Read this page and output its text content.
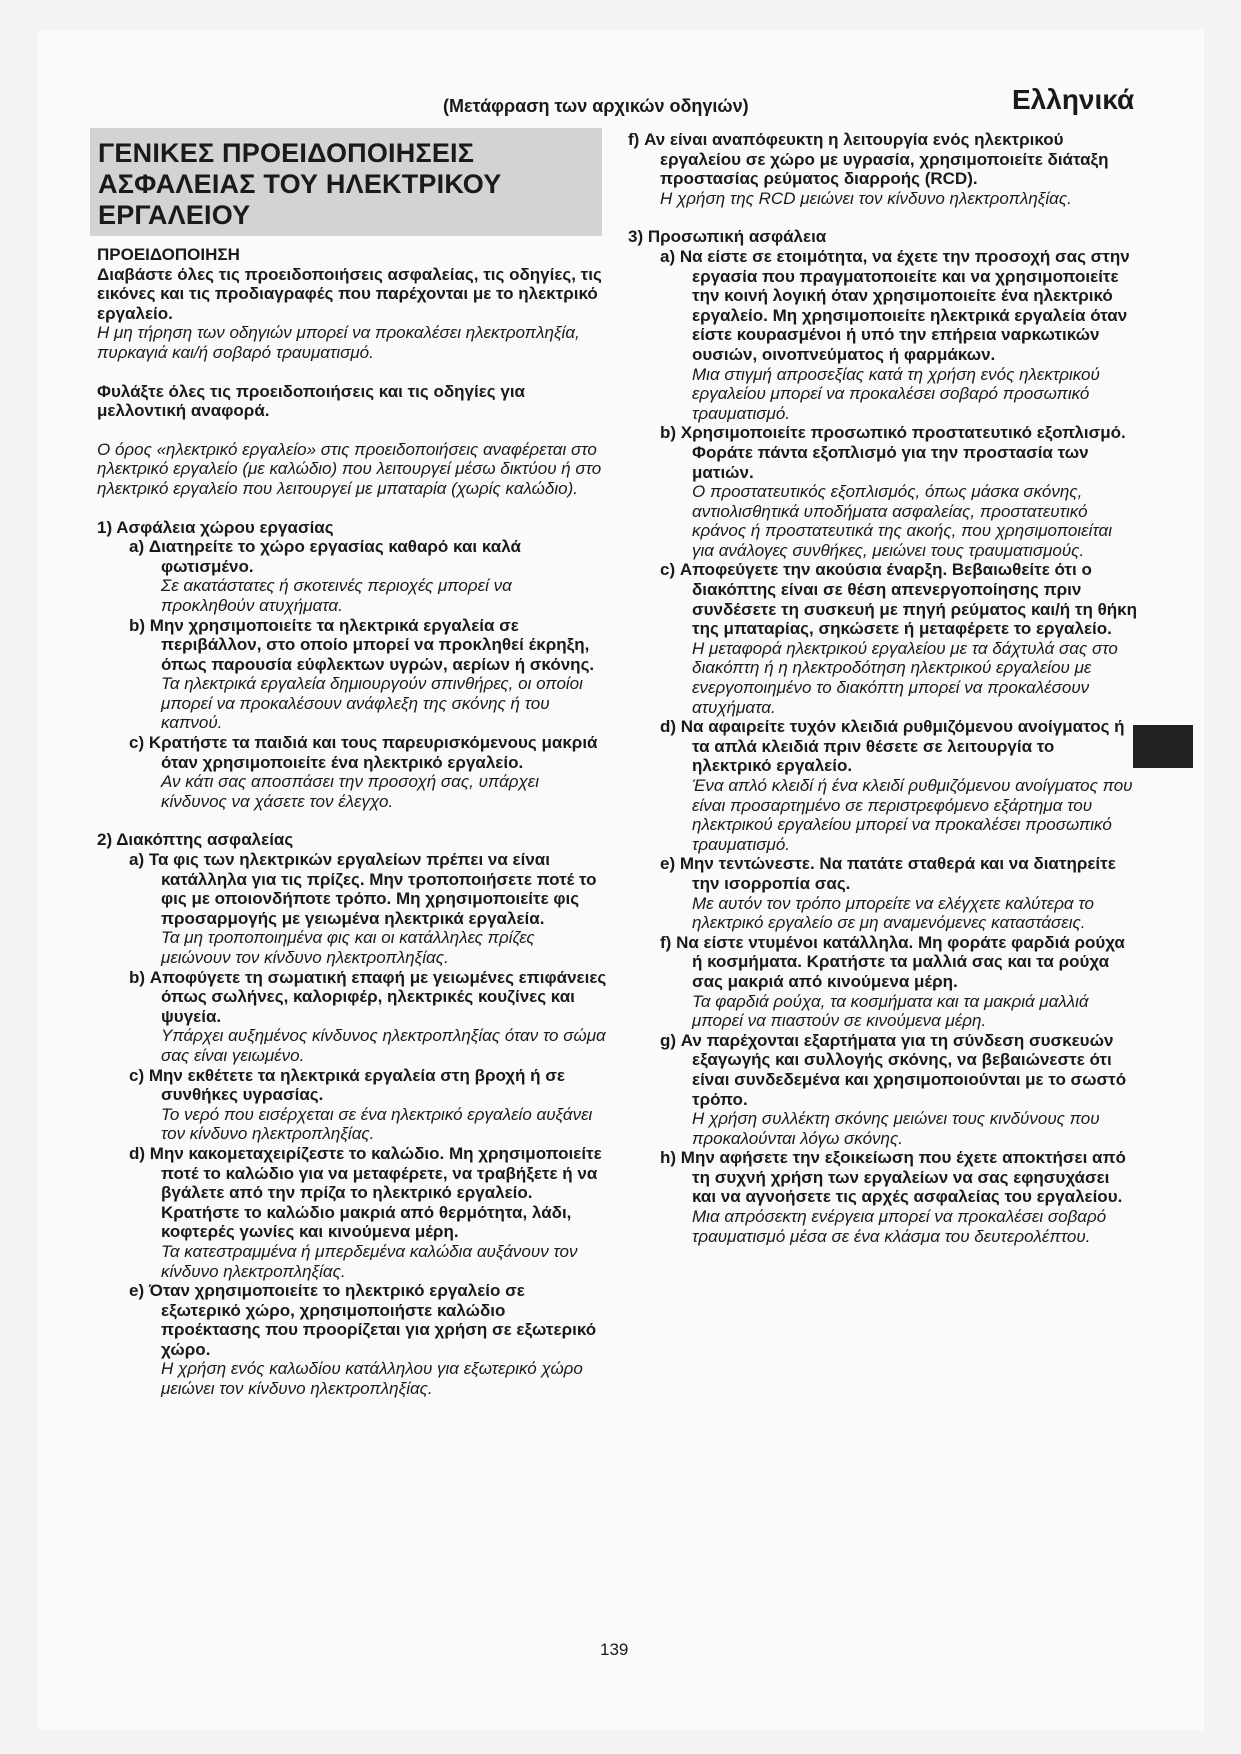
(Μετάφραση των αρχικών οδηγιών)	Ελληνικά
ΓΕΝΙΚΕΣ ΠΡΟΕΙΔΟΠΟΙΗΣΕΙΣ
ΑΣΦΑΛΕΙΑΣ ΤΟΥ ΗΛΕΚΤΡΙΚΟΥ
ΕΡΓΑΛΕΙΟΥ

ΠΡΟΕΙΔΟΠΟΙΗΣΗ

Διαβάστε όλες τις προειδοποιήσεις ασφαλείας, τις οδηγίες, τις εικόνες και τις προδιαγραφές που παρέχονται με το ηλεκτρικό εργαλείο.

Η μη τήρηση των οδηγιών μπορεί να προκαλέσει ηλεκτροπληξία, πυρκαγιά και/ή σοβαρό τραυματισμό.

Φυλάξτε όλες τις προειδοποιήσεις και τις οδηγίες για μελλοντική αναφορά.

Ο όρος «ηλεκτρικό εργαλείο» στις προειδοποιήσεις αναφέρεται στο ηλεκτρικό εργαλείο (με καλώδιο) που λειτουργεί μέσω δικτύου ή στο ηλεκτρικό εργαλείο που λειτουργεί με μπαταρία (χωρίς καλώδιο).

1) Ασφάλεια χώρου εργασίας

a) Διατηρείτε το χώρο εργασίας καθαρό και καλά φωτισμένο.

Σε ακατάστατες ή σκοτεινές περιοχές μπορεί να προκληθούν ατυχήματα.

b) Μην χρησιμοποιείτε τα ηλεκτρικά εργαλεία σε περιβάλλον, στο οποίο μπορεί να προκληθεί έκρηξη, όπως παρουσία εύφλεκτων υγρών, αερίων ή σκόνης.

Τα ηλεκτρικά εργαλεία δημιουργούν σπινθήρες, οι οποίοι μπορεί να προκαλέσουν ανάφλεξη της σκόνης ή του καπνού.

c) Κρατήστε τα παιδιά και τους παρευρισκόμενους μακριά όταν χρησιμοποιείτε ένα ηλεκτρικό εργαλείο.

Αν κάτι σας αποσπάσει την προσοχή σας, υπάρχει κίνδυνος να χάσετε τον έλεγχο.

2) Διακόπτης ασφαλείας

a) Τα φις των ηλεκτρικών εργαλείων πρέπει να είναι κατάλληλα για τις πρίζες. Μην τροποποιήσετε ποτέ το φις με οποιονδήποτε τρόπο. Μη χρησιμοποιείτε φις προσαρμογής με γειωμένα ηλεκτρικά εργαλεία.

Τα μη τροποποιημένα φις και οι κατάλληλες πρίζες μειώνουν τον κίνδυνο ηλεκτροπληξίας.

b) Αποφύγετε τη σωματική επαφή με γειωμένες επιφάνειες όπως σωλήνες, καλοριφέρ, ηλεκτρικές κουζίνες και ψυγεία.

Υπάρχει αυξημένος κίνδυνος ηλεκτροπληξίας όταν το σώμα σας είναι γειωμένο.

c) Μην εκθέτετε τα ηλεκτρικά εργαλεία στη βροχή ή σε συνθήκες υγρασίας.

Το νερό που εισέρχεται σε ένα ηλεκτρικό εργαλείο αυξάνει τον κίνδυνο ηλεκτροπληξίας.

d) Μην κακομεταχειρίζεστε το καλώδιο. Μη χρησιμοποιείτε ποτέ το καλώδιο για να μεταφέρετε, να τραβήξετε ή να βγάλετε από την πρίζα το ηλεκτρικό εργαλείο. Κρατήστε το καλώδιο μακριά από θερμότητα, λάδι, κοφτερές γωνίες και κινούμενα μέρη.

Τα κατεστραμμένα ή μπερδεμένα καλώδια αυξάνουν τον κίνδυνο ηλεκτροπληξίας.

e) Όταν χρησιμοποιείτε το ηλεκτρικό εργαλείο σε εξωτερικό χώρο, χρησιμοποιήστε καλώδιο προέκτασης που προορίζεται για χρήση σε εξωτερικό χώρο.

Η χρήση ενός καλωδίου κατάλληλου για εξωτερικό χώρο μειώνει τον κίνδυνο ηλεκτροπληξίας.

f) Αν είναι αναπόφευκτη η λειτουργία ενός ηλεκτρικού εργαλείου σε χώρο με υγρασία, χρησιμοποιείτε διάταξη προστασίας ρεύματος διαρροής (RCD).

Η χρήση της RCD μειώνει τον κίνδυνο ηλεκτροπληξίας.

3) Προσωπική ασφάλεια

a) Να είστε σε ετοιμότητα, να έχετε την προσοχή σας στην εργασία που πραγματοποιείτε και να χρησιμοποιείτε την κοινή λογική όταν χρησιμοποιείτε ένα ηλεκτρικό εργαλείο. Μη χρησιμοποιείτε ηλεκτρικά εργαλεία όταν είστε κουρασμένοι ή υπό την επήρεια ναρκωτικών ουσιών, οινοπνεύματος ή φαρμάκων.

Μια στιγμή απροσεξίας κατά τη χρήση ενός ηλεκτρικού εργαλείου μπορεί να προκαλέσει σοβαρό προσωπικό τραυματισμό.

b) Χρησιμοποιείτε προσωπικό προστατευτικό εξοπλισμό. Φοράτε πάντα εξοπλισμό για την προστασία των ματιών.

Ο προστατευτικός εξοπλισμός, όπως μάσκα σκόνης, αντιολισθητικά υποδήματα ασφαλείας, προστατευτικό κράνος ή προστατευτικά της ακοής, που χρησιμοποιείται για ανάλογες συνθήκες, μειώνει τους τραυματισμούς.

c) Αποφεύγετε την ακούσια έναρξη. Βεβαιωθείτε ότι ο διακόπτης είναι σε θέση απενεργοποίησης πριν συνδέσετε τη συσκευή με πηγή ρεύματος και/ή τη θήκη της μπαταρίας, σηκώσετε ή μεταφέρετε το εργαλείο.

Η μεταφορά ηλεκτρικού εργαλείου με τα δάχτυλά σας στο διακόπτη ή η ηλεκτροδότηση ηλεκτρικού εργαλείου με ενεργοποιημένο το διακόπτη μπορεί να προκαλέσουν ατυχήματα.

d) Να αφαιρείτε τυχόν κλειδιά ρυθμιζόμενου ανοίγματος ή τα απλά κλειδιά πριν θέσετε σε λειτουργία το ηλεκτρικό εργαλείο.

Ένα απλό κλειδί ή ένα κλειδί ρυθμιζόμενου ανοίγματος που είναι προσαρτημένο σε περιστρεφόμενο εξάρτημα του ηλεκτρικού εργαλείου μπορεί να προκαλέσει προσωπικό τραυματισμό.

e) Μην τεντώνεστε. Να πατάτε σταθερά και να διατηρείτε την ισορροπία σας.

Με αυτόν τον τρόπο μπορείτε να ελέγχετε καλύτερα το ηλεκτρικό εργαλείο σε μη αναμενόμενες καταστάσεις.

f) Να είστε ντυμένοι κατάλληλα. Μη φοράτε φαρδιά ρούχα ή κοσμήματα. Κρατήστε τα μαλλιά σας και τα ρούχα σας μακριά από κινούμενα μέρη.

Τα φαρδιά ρούχα, τα κοσμήματα και τα μακριά μαλλιά μπορεί να πιαστούν σε κινούμενα μέρη.

g) Αν παρέχονται εξαρτήματα για τη σύνδεση συσκευών εξαγωγής και συλλογής σκόνης, να βεβαιώνεστε ότι είναι συνδεδεμένα και χρησιμοποιούνται με το σωστό τρόπο.

Η χρήση συλλέκτη σκόνης μειώνει τους κινδύνους που προκαλούνται λόγω σκόνης.

h) Μην αφήσετε την εξοικείωση που έχετε αποκτήσει από τη συχνή χρήση των εργαλείων να σας εφησυχάσει και να αγνοήσετε τις αρχές ασφαλείας του εργαλείου.

Μια απρόσεκτη ενέργεια μπορεί να προκαλέσει σοβαρό τραυματισμό μέσα σε ένα κλάσμα του δευτερολέπτου.

139
